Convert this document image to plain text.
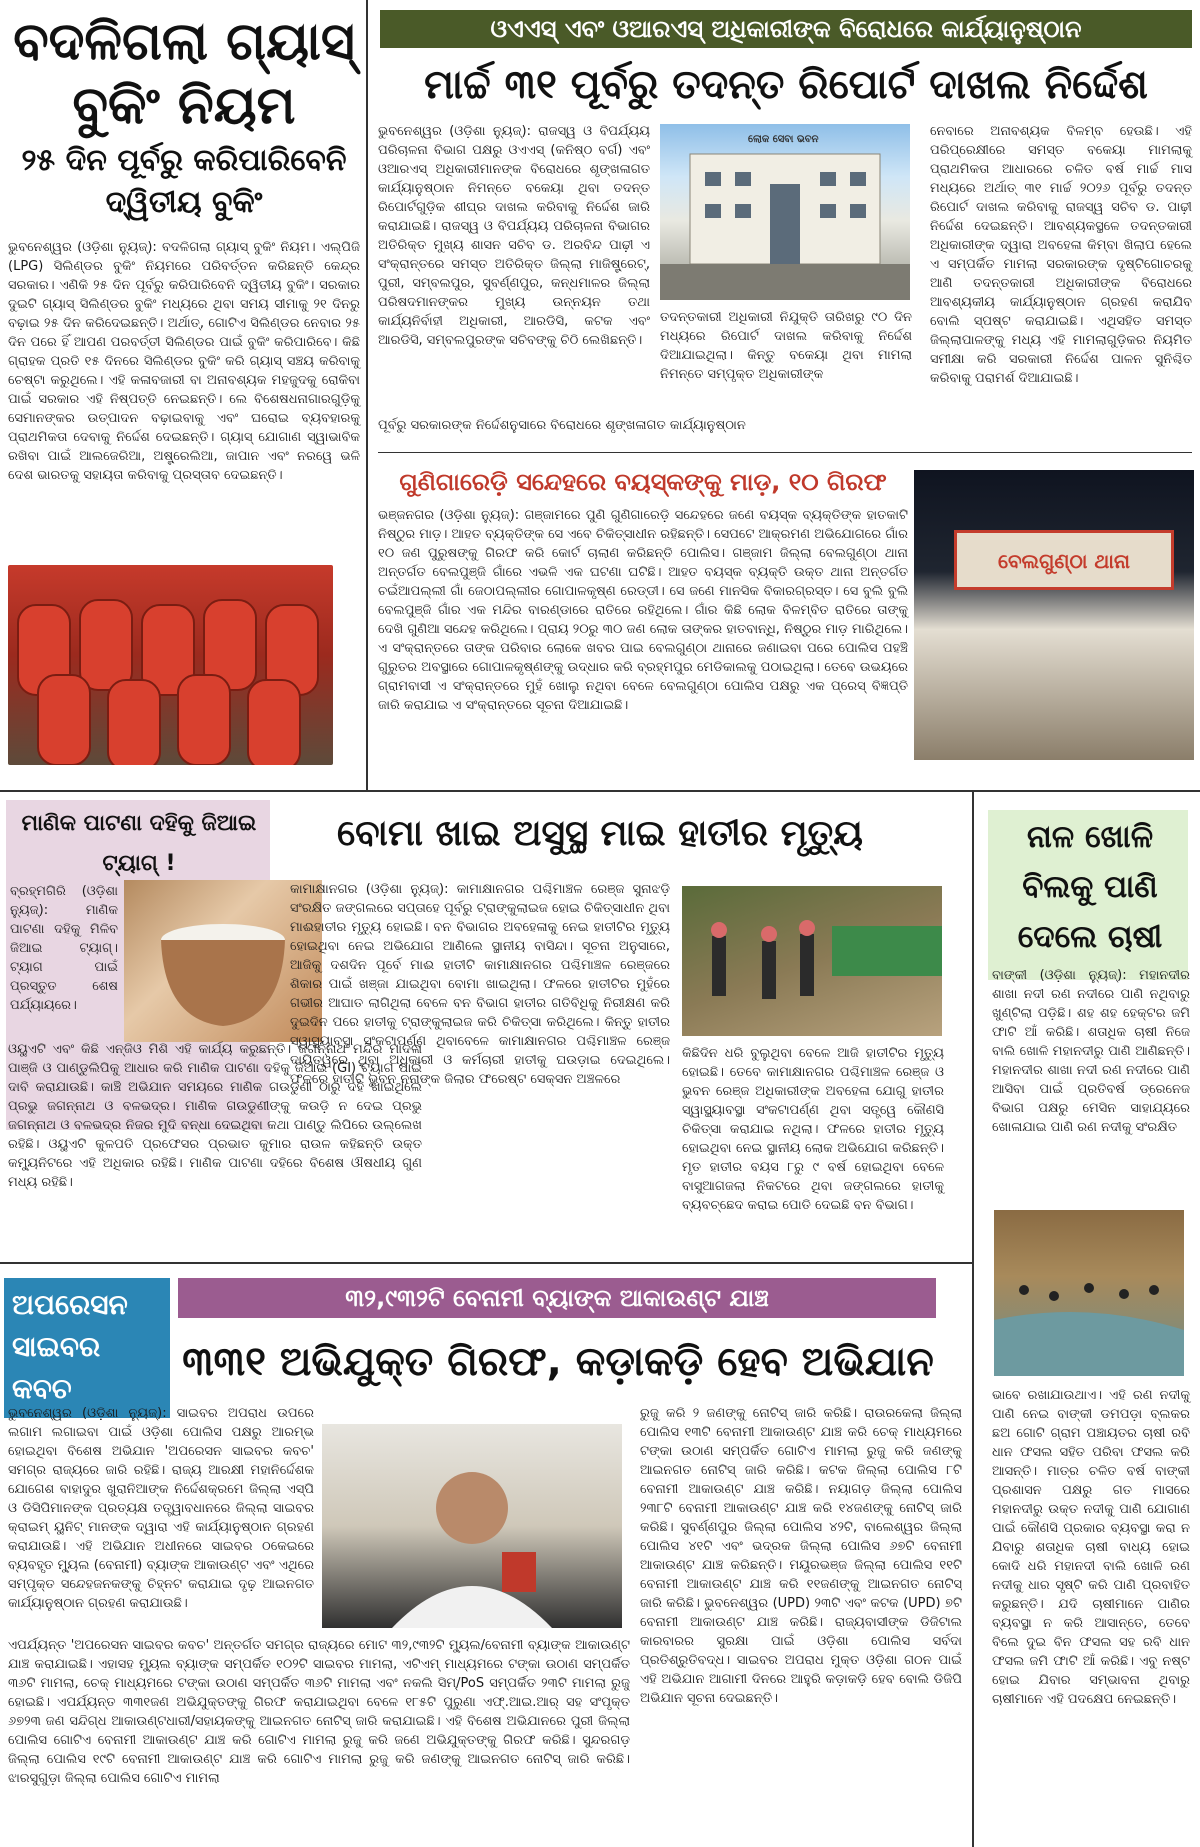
ବଦଳିଗଲା ଗ୍ୟାସ୍ ବୁକିଂ ନିୟମ
୨୫ ଦିନ ପୂର୍ବରୁ କରିପାରିବେନି ଦ୍ୱିତୀୟ ବୁକିଂ
ଭୁବନେଶ୍ୱର (ଓଡ଼ିଶା ନ୍ୟୁଜ୍): ବଦଳିଗଲା ଗ୍ୟାସ୍ ବୁକିଂ ନିୟମ। ଏଲ୍‌ପିଜି (LPG) ସିଲିଣ୍ଡର ବୁକିଂ ନିୟମରେ ପରିବର୍ତ୍ତନ କରିଛନ୍ତି କେନ୍ଦ୍ର ସରକାର। ଏଣିକି ୨୫ ଦିନ ପୂର୍ବରୁ କରିପାରିବେନି ଦ୍ୱିତୀୟ ବୁକିଂ। ସରକାର ଦୁଇଟି ଗ୍ୟାସ୍ ସିଲିଣ୍ଡର ବୁକିଂ ମଧ୍ୟରେ ଥିବା ସମୟ ସୀମାକୁ ୨୧ ଦିନରୁ ବଢ଼ାଇ ୨୫ ଦିନ କରିଦେଇଛନ୍ତି। ଅର୍ଥାତ୍, ଗୋଟିଏ ସିଲିଣ୍ଡର ନେବାର ୨୫ ଦିନ ପରେ ହିଁ ଆପଣ ପରବର୍ତ୍ତୀ ସିଲିଣ୍ଡର ପାଇଁ ବୁକିଂ କରିପାରିବେ। କିଛି ଗ୍ରାହକ ପ୍ରତି ୧୫ ଦିନରେ ସିଲିଣ୍ଡର ବୁକିଂ କରି ଗ୍ୟାସ୍ ସଞ୍ଚୟ କରିବାକୁ ଚେଷ୍ଟା କରୁଥିଲେ। ଏହି କଳାବଜାରୀ ବା ଅନାବଶ୍ୟକ ମହଜୁଦକୁ ରୋକିବା ପାଇଁ ସରକାର ଏହି ନିଷ୍ପତ୍ତି ନେଇଛନ୍ତି। ଲେ ବିଶେଷଧନାଗାରଗୁଡ଼ିକୁ ସେମାନଙ୍କର ଉତ୍ପାଦନ ବଢ଼ାଇବାକୁ ଏବଂ ଘରୋଇ ବ୍ୟବହାରକୁ ପ୍ରାଥମିକତା ଦେବାକୁ ନିର୍ଦ୍ଦେଶ ଦେଇଛନ୍ତି। ଗ୍ୟାସ୍ ଯୋଗାଣ ସ୍ୱାଭାବିକ ରଖିବା ପାଇଁ ଆଲଜେରିଆ, ଅଷ୍ଟ୍ରେଲିଆ, ଜାପାନ ଏବଂ ନରୱେ ଭଳି ଦେଶ ଭାରତକୁ ସହାୟତା କରିବାକୁ ପ୍ରସ୍ତାବ ଦେଇଛନ୍ତି।
ଓଏଏସ୍ ଏବଂ ଓଆରଏସ୍ ଅଧିକାରୀଙ୍କ ବିରୋଧରେ କାର୍ଯ୍ୟାନୁଷ୍ଠାନ
ମାର୍ଚ୍ଚ ୩୧ ପୂର୍ବରୁ ତଦନ୍ତ ରିପୋର୍ଟ ଦାଖଲ ନିର୍ଦ୍ଦେଶ
ଭୁବନେଶ୍ୱର (ଓଡ଼ିଶା ନ୍ୟୁଜ୍): ରାଜସ୍ୱ ଓ ବିପର୍ଯ୍ୟୟ ପରିଚାଳନା ବିଭାଗ ପକ୍ଷରୁ ଓଏଏସ୍ (କନିଷ୍ଠ ବର୍ଗ) ଏବଂ ଓଆରଏସ୍ ଅଧିକାରୀମାନଙ୍କ ବିରୋଧରେ ଶୃଙ୍ଖଳାଗତ କାର୍ଯ୍ୟାନୁଷ୍ଠାନ ନିମନ୍ତେ ବକେୟା ଥିବା ତଦନ୍ତ ରିପୋର୍ଟଗୁଡ଼ିକ ଶୀଘ୍ର ଦାଖଲ କରିବାକୁ ନିର୍ଦ୍ଦେଶ ଜାରି କରାଯାଇଛି। ରାଜସ୍ୱ ଓ ବିପର୍ଯ୍ୟୟ ପରିଚାଳନା ବିଭାଗର ଅତିରିକ୍ତ ମୁଖ୍ୟ ଶାସନ ସଚିବ ଡ. ଅରବିନ୍ଦ ପାଢ଼ୀ ଏ ସଂକ୍ରାନ୍ତରେ ସମସ୍ତ ଅତିରିକ୍ତ ଜିଲ୍ଲା ମାଜିଷ୍ଟ୍ରେଟ୍, ପୁରୀ, ସମ୍ବଲପୁର, ସୁବର୍ଣ୍ଣପୁର, କନ୍ଧମାଳର ଜିଲ୍ଲା ପରିଷଦମାନଙ୍କର ମୁଖ୍ୟ ଉନ୍ନୟନ ତଥା କାର୍ଯ୍ୟନିର୍ବାହୀ ଅଧିକାରୀ, ଆରଡିସି, କଟକ ଏବଂ ଆରଡିସି, ସମ୍ବଲପୁରଙ୍କ ସଚିବଙ୍କୁ ଚିଠି ଲେଖିଛନ୍ତି।
ଲୋକ ସେବା ଭବନ
ତଦନ୍ତକାରୀ ଅଧିକାରୀ ନିଯୁକ୍ତି ତାରିଖରୁ ୯୦ ଦିନ ମଧ୍ୟରେ ରିପୋର୍ଟ ଦାଖଲ କରିବାକୁ ନିର୍ଦ୍ଦେଶ ଦିଆଯାଇଥିଲା। କିନ୍ତୁ ବକେୟା ଥିବା ମାମଲା ନିମନ୍ତେ ସମ୍ପୃକ୍ତ ଅଧିକାରୀଙ୍କ
ନେବାରେ ଅନାବଶ୍ୟକ ବିଳମ୍ବ ହେଉଛି। ଏହି ପରିପ୍ରେକ୍ଷୀରେ ସମସ୍ତ ବକେୟା ମାମଲାକୁ ପ୍ରାଥମିକତା ଆଧାରରେ ଚଳିତ ବର୍ଷ ମାର୍ଚ୍ଚ ମାସ ମଧ୍ୟରେ ଅର୍ଥାତ୍ ୩୧ ମାର୍ଚ୍ଚ ୨୦୨୬ ପୂର୍ବରୁ ତଦନ୍ତ ରିପୋର୍ଟ ଦାଖଲ କରିବାକୁ ରାଜସ୍ୱ ସଚିବ ଡ. ପାଢ଼ୀ ନିର୍ଦ୍ଦେଶ ଦେଇଛନ୍ତି। ଆବଶ୍ୟକସ୍ଥଳେ ତଦନ୍ତକାରୀ ଅଧିକାରୀଙ୍କ ଦ୍ୱାରା ଅବହେଳା କିମ୍ବା ଖିଲାପ ହେଲେ ଏ ସମ୍ପର୍କିତ ମାମଲା ସରକାରଙ୍କ ଦୃଷ୍ଟିଗୋଚରକୁ ଆଣି ତଦନ୍ତକାରୀ ଅଧିକାରୀଙ୍କ ବିରୋଧରେ ଆବଶ୍ୟକୀୟ କାର୍ଯ୍ୟାନୁଷ୍ଠାନ ଗ୍ରହଣ କରାଯିବ ବୋଲି ସ୍ପଷ୍ଟ କରାଯାଇଛି। ଏଥିସହିତ ସମସ୍ତ ଜିଲ୍ଲାପାଳଙ୍କୁ ମଧ୍ୟ ଏହି ମାମଲାଗୁଡ଼ିକର ନିୟମିତ ସମୀକ୍ଷା କରି ସରକାରୀ ନିର୍ଦ୍ଦେଶ ପାଳନ ସୁନିଶ୍ଚିତ କରିବାକୁ ପରାମର୍ଶ ଦିଆଯାଇଛି।
ପୂର୍ବରୁ ସରକାରଙ୍କ ନିର୍ଦ୍ଦେଶନୁସାରେ ବିରୋଧରେ ଶୃଙ୍ଖଳାଗତ କାର୍ଯ୍ୟାନୁଷ୍ଠାନ
ଗୁଣିଗାରେଡ଼ି ସନ୍ଦେହରେ ବୟସ୍କଙ୍କୁ ମାଡ଼, ୧୦ ଗିରଫ
ଭଞ୍ଜନଗର (ଓଡ଼ିଶା ନ୍ୟୁଜ୍): ଗଞ୍ଜାମରେ ପୁଣି ଗୁଣିଗାରେଡ଼ି ସନ୍ଦେହରେ ଜଣେ ବୟସ୍କ ବ୍ୟକ୍ତିଙ୍କ ହାତକାଟି ନିଷ୍ଠୁର ମାଡ଼। ଆହତ ବ୍ୟକ୍ତିଙ୍କ ସେ ଏବେ ଚିକିତ୍ସାଧୀନ ରହିଛନ୍ତି। ସେପଟେ ଆକ୍ରମଣ ଅଭିଯୋଗରେ ଗାଁର ୧୦ ଜଣ ପୁରୁଷଙ୍କୁ ଗିରଫ କରି କୋର୍ଟ ଚାଲାଣ କରିଛନ୍ତି ପୋଲିସ। ଗଞ୍ଜାମ ଜିଲ୍ଲା ବେଲଗୁଣ୍ଠା ଥାନା ଅନ୍ତର୍ଗତ ବେଲପୁଞ୍ଜି ଗାଁରେ ଏଭଳି ଏକ ଘଟଣା ଘଟିଛି। ଆହତ ବୟସ୍କ ବ୍ୟକ୍ତି ଉକ୍ତ ଥାନା ଅନ୍ତର୍ଗତ ଚଇଁଆପଲ୍ଲୀ ଗାଁ ଜେଠାପଲ୍ଲୀର ଗୋପାଳକୃଷ୍ଣ ରେଡ୍ଡୀ। ସେ ଜଣେ ମାନସିକ ବିକାରଗ୍ରସ୍ତ। ସେ ବୁଲି ବୁଲି ବେଲପୁଞ୍ଜି ଗାଁର ଏକ ମନ୍ଦିର ବାରଣ୍ଡାରେ ରାତିରେ ରହିଥିଲେ। ଗାଁର କିଛି ଲୋକ ବିଳମ୍ବିତ ରାତିରେ ତାଙ୍କୁ ଦେଖି ଗୁଣିଆ ସନ୍ଦେହ କରିଥିଲେ। ପ୍ରାୟ ୨୦ରୁ ୩୦ ଜଣ ଲୋକ ତାଙ୍କର ହାତବାନ୍ଧି, ନିଷ୍ଠୁର ମାଡ଼ ମାରିଥିଲେ। ଏ ସଂକ୍ରାନ୍ତରେ ତାଙ୍କ ପରିବାର ଲୋକେ ଖବର ପାଇ ବେଲଗୁଣ୍ଠା ଥାନାରେ ଜଣାଇବା ପରେ ପୋଲିସ ପହଞ୍ଚି ଗୁରୁତର ଅବସ୍ଥାରେ ଗୋପାଳକୃଷ୍ଣଙ୍କୁ ଉଦ୍ଧାର କରି ବ୍ରହ୍ମପୁର ମେଡିକାଲକୁ ପଠାଇଥିଲା। ତେବେ ଉଭୟରେ ଗ୍ରାମବାସୀ ଏ ସଂକ୍ରାନ୍ତରେ ମୁହଁ ଖୋଲୁ ନଥିବା ବେଳେ ବେଲଗୁଣ୍ଠା ପୋଲିସ ପକ୍ଷରୁ ଏକ ପ୍ରେସ୍ ବିଜ୍ଞପ୍ତି ଜାରି କରାଯାଇ ଏ ସଂକ୍ରାନ୍ତରେ ସୂଚନା ଦିଆଯାଇଛି।
ବେଲଗୁଣ୍ଠା ଥାନା
ମାଣିକ ପାଟଣା ଦହିକୁ ଜିଆଇ ଟ୍ୟାଗ୍ !
ବ୍ରହ୍ମଗିରି (ଓଡ଼ିଶା ନ୍ୟୁଜ୍): ମାଣିକ ପାଟଣା ଦହିକୁ ମିଳିବ ଜିଆଇ ଟ୍ୟାଗ୍। ଟ୍ୟାଗ ପାଇଁ ପ୍ରସ୍ତୁତ ଶେଷ ପର୍ଯ୍ୟାୟରେ।
ଓୟୁଏଟି ଏବଂ କିଛି ଏନ୍‌ଜିଓ ମିଶି ଏହି କାର୍ଯ୍ୟ କରୁଛନ୍ତି। ଜଗନ୍ନାଥ ମନ୍ଦିର ମାଦଳା ପାଞ୍ଜି ଓ ପାଣ୍ଡୁଲିପିକୁ ଆଧାର କରି ମାଣିକ ପାଟଣା ଦହିକୁ ଜିଆଇ (GI) ଟ୍ୟାଗ ପାଇଁ ଦାବି କରାଯାଉଛି। କାଞ୍ଚି ଅଭିଯାନ ସମୟରେ ମାଣିକ ଗଉଡୁଣୀ ଠାରୁ ଦହି ଖାଇଥିଲେ ପ୍ରଭୁ ଜଗନ୍ନାଥ ଓ ବଳଭଦ୍ର। ମାଣିକ ଗଉଡୁଣୀଙ୍କୁ କଉଡ଼ି ନ ଦେଇ ପ୍ରଭୁ ଜଗନ୍ନାଥ ଓ ବଳଭଦ୍ର ନିଜର ମୁଦି ବନ୍ଧା ଦେଇଥିବା କଥା ପାଣ୍ଡୁ ଲିପିରେ ଉଲ୍ଲେଖ ରହିଛି। ଓୟୁଏଟି କୁଳପତି ପ୍ରଫେସର ପ୍ରଭାତ କୁମାର ରାଉଳ କହିଛନ୍ତି ଉକ୍ତ କମ୍ୟୁନିଟରେ ଏହି ଅଧିକାର ରହିଛି। ମାଣିକ ପାଟଣା ଦହିରେ ବିଶେଷ ଔଷଧୀୟ ଗୁଣ ମଧ୍ୟ ରହିଛି।
ବୋମା ଖାଇ ଅସୁସ୍ଥ ମାଇ ହାତୀର ମୃତ୍ୟୁ
କାମାକ୍ଷାନଗର (ଓଡ଼ିଶା ନ୍ୟୁଜ୍): କାମାକ୍ଷାନଗର ପଶ୍ଚିମାଞ୍ଚଳ ରେଞ୍ଜ ସୁନାଝଡ଼ି ସଂରକ୍ଷିତ ଜଙ୍ଗଲରେ ସପ୍ତାହେ ପୂର୍ବରୁ ଟ୍ରାଙ୍କୁଲାଇଜ ହୋଇ ଚିକିତ୍ସାଧୀନ ଥିବା ମାଈହାତୀର ମୃତ୍ୟୁ ହୋଇଛି। ବନ ବିଭାଗର ଅବହେଳାକୁ ନେଇ ହାତୀଟିର ମୃତ୍ୟୁ ହୋଇଥିବା ନେଇ ଅଭିଯୋଗ ଆଣିଲେ ସ୍ଥାନୀୟ ବାସିନ୍ଦା। ସୂଚନା ଅନୁସାରେ, ଆଜିକୁ ଦଶଦିନ ପୂର୍ବେ ମାଈ ହାତୀଟି କାମାକ୍ଷାନଗର ପଶ୍ଚିମାଞ୍ଚଳ ରେଞ୍ଜରେ ଶିକାର ପାଇଁ ଖଞ୍ଜା ଯାଇଥିବା ବୋମା ଖାଇଥିଲା। ଫଳରେ ହାତୀଟିର ମୁହଁରେ ଗଭୀର ଆଘାତ ଲାଗିଥିଲା ବେଳେ ବନ ବିଭାଗ ହାତୀର ଗତିବିଧିକୁ ନିରୀକ୍ଷଣ କରି ଦୁଇଦିନ ପରେ ହାତୀକୁ ଟ୍ରାଙ୍କୁଲାଇଜ କରି ଚିକିତ୍ସା କରିଥିଲେ। କିନ୍ତୁ ହାତୀର ସ୍ୱାସ୍ଥ୍ୟାବସ୍ଥା ସଂକଟାପର୍ଣ୍ଣ ଥିବାବେଳେ କାମାକ୍ଷାନଗର ପଶ୍ଚିମାଞ୍ଚଳ ରେଞ୍ଜ ଦାୟିତ୍ୱରେ ଥିବା ଅଧିକାରୀ ଓ କର୍ମଚାରୀ ହାତୀକୁ ଘଉଡ଼ାଇ ଦେଇଥିଲେ। ଫଳରେ ହାତୀଟି ଭୁବନ ନନାଙ୍କ ଜିଲାର ଫରେଷ୍ଟ ସେକ୍ସନ ଅଞ୍ଚଳରେ
କିଛିଦିନ ଧରି ବୁଲୁଥିବା ବେଳେ ଆଜି ହାତୀଟିର ମୃତ୍ୟୁ ହୋଇଛି। ତେବେ କାମାକ୍ଷାନଗର ପଶ୍ଚିମାଞ୍ଚଳ ରେଞ୍ଜ ଓ ଭୁବନ ରେଞ୍ଜ ଅଧିକାରୀଙ୍କ ଅବହେଳା ଯୋଗୁ ହାତୀର ସ୍ୱାସ୍ଥ୍ୟାବସ୍ଥା ସଂକଟାପର୍ଣ୍ଣ ଥିବା ସତ୍ତ୍ୱେ କୌଣସି ଚିକିତ୍ସା କରାଯାଇ ନଥିଲା। ଫଳରେ ହାତୀର ମୃତ୍ୟୁ ହୋଇଥିବା ନେଇ ସ୍ଥାନୀୟ ଲୋକ ଅଭିଯୋଗ କରିଛନ୍ତି। ମୃତ ହାତୀର ବୟସ ୮ରୁ ୯ ବର୍ଷ ହୋଇଥିବା ବେଳେ ବାସୁଆଗଜଲା ନିକଟରେ ଥିବା ଜଙ୍ଗଲରେ ହାତୀକୁ ବ୍ୟବଚ୍ଛେଦ କରାଇ ପୋତି ଦେଇଛି ବନ ବିଭାଗ।
ନାଳ ଖୋଳି ବିଲକୁ ପାଣି ଦେଲେ ଚାଷୀ
ବାଙ୍କୀ (ଓଡ଼ିଶା ନ୍ୟୁଜ୍): ମହାନଦୀର ଶାଖା ନଦୀ ରଣ ନଦୀରେ ପାଣି ନଥିବାରୁ ଖୁଣ୍ଟିଲା ପଡ଼ିଛି। ଶହ ଶହ ହେକ୍ଟର ଜମି ଫାଟି ଆଁ କରିଛି। ଶତାଧିକ ଚାଷୀ ନିଜେ ବାଲି ଖୋଳି ମହାନଦୀରୁ ପାଣି ଆଣିଛନ୍ତି। ମହାନଦୀର ଶାଖା ନଦୀ ରଣ ନଦୀରେ ପାଣି ଆସିବା ପାଇଁ ପ୍ରତିବର୍ଷ ଡ୍ରେନେଜ ବିଭାଗ ପକ୍ଷରୁ ମେସିନ ସାହାଯ୍ୟରେ ଖୋଳାଯାଇ ପାଣି ରଣ ନଦୀକୁ ସଂରକ୍ଷିତ
ଭାବେ ରଖାଯାଉଥାଏ। ଏହି ରଣ ନଦୀକୁ ପାଣି ନେଇ ବାଙ୍କୀ ଡମପଡ଼ା ବ୍ଲକର ଛଅ ଗୋଟି ଗ୍ରାମ ପଞ୍ଚାୟତର ଚାଷୀ ରବି ଧାନ ଫସଲ ସହିତ ପରିବା ଫସଲ କରି ଆସନ୍ତି। ମାତ୍ର ଚଳିତ ବର୍ଷ ବାଙ୍କୀ ପ୍ରଶାସନ ପକ୍ଷରୁ ଗତ ମାସରେ ମହାନଦୀରୁ ଉକ୍ତ ନଦୀକୁ ପାଣି ଯୋଗାଣ ପାଇଁ କୌଣସି ପ୍ରକାର ବ୍ୟବସ୍ଥା କରା ନ ଯିବାରୁ ଶତାଧିକ ଚାଷୀ ବାଧ୍ୟ ହୋଇ କୋଦି ଧରି ମହାନଦୀ ବାଲି ଖୋଳି ରଣ ନଦୀକୁ ଧାର ସୃଷ୍ଟି କରି ପାଣି ପ୍ରବାହିତ କରୁଛନ୍ତି। ଯଦି ଚାଷୀମାନେ ପାଣିର ବ୍ୟବସ୍ଥା ନ କରି ଆସାନ୍ତେ, ତେବେ ବିଲେ ଦୁଇ ବିନ ଫସଲ ସହ ରବି ଧାନ ଫସଲ ଜମି ଫାଟି ଆଁ କରିଛି। ଏବୁ ନଷ୍ଟ ହୋଇ ଯିବାର ସମ୍ଭାବନା ଥିବାରୁ ଚାଷୀମାନେ ଏହି ପଦକ୍ଷେପ ନେଇଛନ୍ତି।
ଅପରେସନ ସାଇବର କବଚ
୩୨,୯୩୨ଟି ବେନାମୀ ବ୍ୟାଙ୍କ ଆକାଉଣ୍ଟ ଯାଞ୍ଚ
୩୩୧ ଅଭିଯୁକ୍ତ ଗିରଫ, କଡ଼ାକଡ଼ି ହେବ ଅଭିଯାନ
ଭୁବନେଶ୍ୱର (ଓଡ଼ିଶା ନ୍ୟୁଜ୍): ସାଇବର ଅପରାଧ ଉପରେ ଲଗାମ ଲଗାଇବା ପାଇଁ ଓଡ଼ିଶା ପୋଲିସ ପକ୍ଷରୁ ଆରମ୍ଭ ହୋଇଥିବା ବିଶେଷ ଅଭିଯାନ 'ଅପରେସନ ସାଇବର କବଚ' ସମଗ୍ର ରାଜ୍ୟରେ ଜାରି ରହିଛି। ରାଜ୍ୟ ଆରକ୍ଷୀ ମହାନିର୍ଦ୍ଦେଶକ ଯୋଗେଶ ବାହାଦୁର ଖୁରାନିଆଙ୍କ ନିର୍ଦ୍ଦେଶକ୍ରମେ ଜିଲ୍ଲା ଏସ୍‌ପି ଓ ଡିସିପିମାନଙ୍କ ପ୍ରତ୍ୟକ୍ଷ ତତ୍ତ୍ୱାବଧାନରେ ଜିଲ୍ଲା ସାଇବର କ୍ରାଇମ୍ ୟୁନିଟ୍ ମାନଙ୍କ ଦ୍ୱାରା ଏହି କାର୍ଯ୍ୟାନୁଷ୍ଠାନ ଗ୍ରହଣ କରାଯାଉଛି। ଏହି ଅଭିଯାନ ଅଧୀନରେ ସାଇବର ଠକେଇରେ ବ୍ୟବହୃତ ମ୍ୟୁଲ (ବେନାମୀ) ବ୍ୟାଙ୍କ ଆକାଉଣ୍ଟ ଏବଂ ଏଥିରେ ସମ୍ପୃକ୍ତ ସନ୍ଦେହଜନକଙ୍କୁ ଚିହ୍ନଟ କରାଯାଇ ଦୃଢ଼ ଆଇନଗତ କାର୍ଯ୍ୟାନୁଷ୍ଠାନ ଗ୍ରହଣ କରାଯାଉଛି।
ଏପର୍ଯ୍ୟନ୍ତ 'ଅପରେସନ ସାଇବର କବଚ' ଅନ୍ତର୍ଗତ ସମଗ୍ର ରାଜ୍ୟରେ ମୋଟ ୩୨,୯୩୨ଟି ମ୍ୟୁଲ/ବେନାମୀ ବ୍ୟାଙ୍କ ଆକାଉଣ୍ଟ ଯାଞ୍ଚ କରାଯାଇଛି। ଏହାସହ ମ୍ୟୁଲ ବ୍ୟାଙ୍କ ସମ୍ପର୍କିତ ୧୦୨ଟି ସାଇବର ମାମଲା, ଏଟିଏମ୍ ମାଧ୍ୟମରେ ଟଙ୍କା ଉଠାଣ ସମ୍ପର୍କିତ ୩୬ଟି ମାମଲା, ଚେକ୍ ମାଧ୍ୟମରେ ଟଙ୍କା ଉଠାଣ ସମ୍ପର୍କିତ ୩୬ଟି ମାମଲା ଏବଂ ନକଲି ସିମ୍/PoS ସମ୍ପର୍କିତ ୨୩ଟି ମାମଲା ରୁଜୁ ହୋଇଛି। ଏପର୍ଯ୍ୟନ୍ତ ୩୩୧ଜଣ ଅଭିଯୁକ୍ତଙ୍କୁ ଗିରଫ କରାଯାଇଥିବା ବେଳେ ୧୮୫ଟି ପୁରୁଣା ଏଫ୍.ଆଇ.ଆର୍ ସହ ସଂପୃକ୍ତ ୬୭୨୩ ଜଣ ସନ୍ଦିଗ୍ଧ ଆକାଉଣ୍ଟଧାରୀ/ସହାୟକଙ୍କୁ ଆଇନଗତ ନୋଟିସ୍ ଜାରି କରାଯାଇଛି। ଏହି ବିଶେଷ ଅଭିଯାନରେ ପୁରୀ ଜିଲ୍ଲା ପୋଲିସ ଗୋଟିଏ ବେନାମୀ ଆକାଉଣ୍ଟ ଯାଞ୍ଚ କରି ଗୋଟିଏ ମାମଲା ରୁଜୁ କରି ଜଣେ ଅଭିଯୁକ୍ତଙ୍କୁ ଗିରଫ କରିଛି। ସୁନ୍ଦରଗଡ଼ ଜିଲ୍ଲା ପୋଲିସ ୧୯ଟି ବେନାମୀ ଆକାଉଣ୍ଟ ଯାଞ୍ଚ କରି ଗୋଟିଏ ମାମଲା ରୁଜୁ କରି ଜଣଙ୍କୁ ଆଇନଗତ ନୋଟିସ୍ ଜାରି କରିଛି। ଝାରସୁଗୁଡ଼ା ଜିଲ୍ଲା ପୋଲିସ ଗୋଟିଏ ମାମଲା
ରୁଜୁ କରି ୨ ଜଣଙ୍କୁ ନୋଟିସ୍ ଜାରି କରିଛି। ରାଉରକେଲା ଜିଲ୍ଲା ପୋଲିସ ୧୩ଟି ବେନାମୀ ଆକାଉଣ୍ଟ ଯାଞ୍ଚ କରି ଚେକ୍ ମାଧ୍ୟମରେ ଟଙ୍କା ଉଠାଣ ସମ୍ପର୍କିତ ଗୋଟିଏ ମାମଲା ରୁଜୁ କରି ଜଣଙ୍କୁ ଆଇନଗତ ନୋଟିସ୍ ଜାରି କରିଛି। କଟକ ଜିଲ୍ଲା ପୋଲିସ ୮ଟି ବେନାମୀ ଆକାଉଣ୍ଟ ଯାଞ୍ଚ କରିଛି। ନୟାଗଡ଼ ଜିଲ୍ଲା ପୋଲିସ ୨୩୮ଟି ବେନାମୀ ଆକାଉଣ୍ଟ ଯାଞ୍ଚ କରି ୧୪ଜଣଙ୍କୁ ନୋଟିସ୍ ଜାରି କରିଛି। ସୁବର୍ଣ୍ଣପୁର ଜିଲ୍ଲା ପୋଲିସ ୪୨ଟି, ବାଲେଶ୍ୱର ଜିଲ୍ଲା ପୋଲିସ ୪୧ଟି ଏବଂ ଭଦ୍ରକ ଜିଲ୍ଲା ପୋଲିସ ୬୭ଟି ବେନାମୀ ଆକାଉଣ୍ଟ ଯାଞ୍ଚ କରିଛନ୍ତି। ମୟୂରଭଞ୍ଜ ଜିଲ୍ଲା ପୋଲିସ ୧୧ଟି ବେନାମୀ ଆକାଉଣ୍ଟ ଯାଞ୍ଚ କରି ୧୧ଜଣଙ୍କୁ ଆଇନଗତ ନୋଟିସ୍ ଜାରି କରିଛି। ଭୁବନେଶ୍ୱର (UPD) ୨୩ଟି ଏବଂ କଟକ (UPD) ୭ଟି ବେନାମୀ ଆକାଉଣ୍ଟ ଯାଞ୍ଚ କରିଛି। ରାଜ୍ୟବାସୀଙ୍କ ଡିଜିଟାଲ କାରବାରର ସୁରକ୍ଷା ପାଇଁ ଓଡ଼ିଶା ପୋଲିସ ସର୍ବଦା ପ୍ରତିଶ୍ରୁତିବଦ୍ଧ। ସାଇବର ଅପରାଧ ମୁକ୍ତ ଓଡ଼ିଶା ଗଠନ ପାଇଁ ଏହି ଅଭିଯାନ ଆଗାମୀ ଦିନରେ ଆହୁରି କଡ଼ାକଡ଼ି ହେବ ବୋଲି ଡିଜିପି ଅଭିଯାନ ସୂଚନା ଦେଇଛନ୍ତି।
